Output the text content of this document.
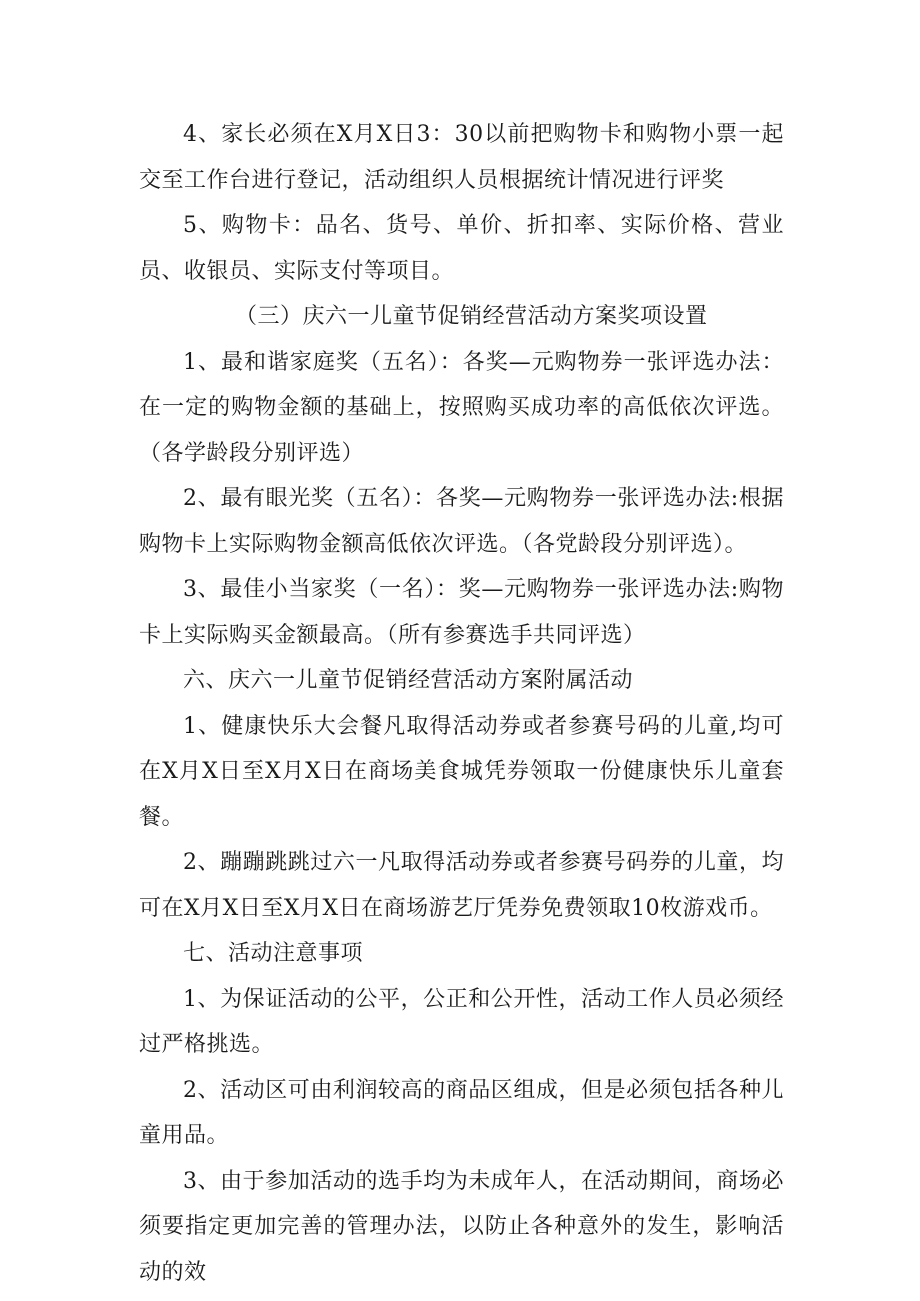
4、家长必须在X月X日3：30以前把购物卡和购物小票一起交至工作台进行登记，活动组织人员根据统计情况进行评奖

5、购物卡：品名、货号、单价、折扣率、实际价格、营业员、收银员、实际支付等项目。

（三）庆六一儿童节促销经营活动方案奖项设置

1、最和谐家庭奖（五名）：各奖—元购物券一张评选办法：在一定的购物金额的基础上，按照购买成功率的高低依次评选。（各学龄段分别评选）

2、最有眼光奖（五名）：各奖—元购物券一张评选办法:根据购物卡上实际购物金额高低依次评选。（各党龄段分别评选）。

3、最佳小当家奖（一名）：奖—元购物券一张评选办法:购物卡上实际购买金额最高。（所有参赛选手共同评选）

六、庆六一儿童节促销经营活动方案附属活动

1、健康快乐大会餐凡取得活动券或者参赛号码的儿童,均可在X月X日至X月X日在商场美食城凭券领取一份健康快乐儿童套餐。

2、蹦蹦跳跳过六一凡取得活动券或者参赛号码券的儿童，均可在X月X日至X月X日在商场游艺厅凭券免费领取10枚游戏币。

七、活动注意事项

1、为保证活动的公平，公正和公开性，活动工作人员必须经过严格挑选。

2、活动区可由利润较高的商品区组成，但是必须包括各种儿童用品。

3、由于参加活动的选手均为未成年人，在活动期间，商场必须要指定更加完善的管理办法，以防止各种意外的发生，影响活动的效
